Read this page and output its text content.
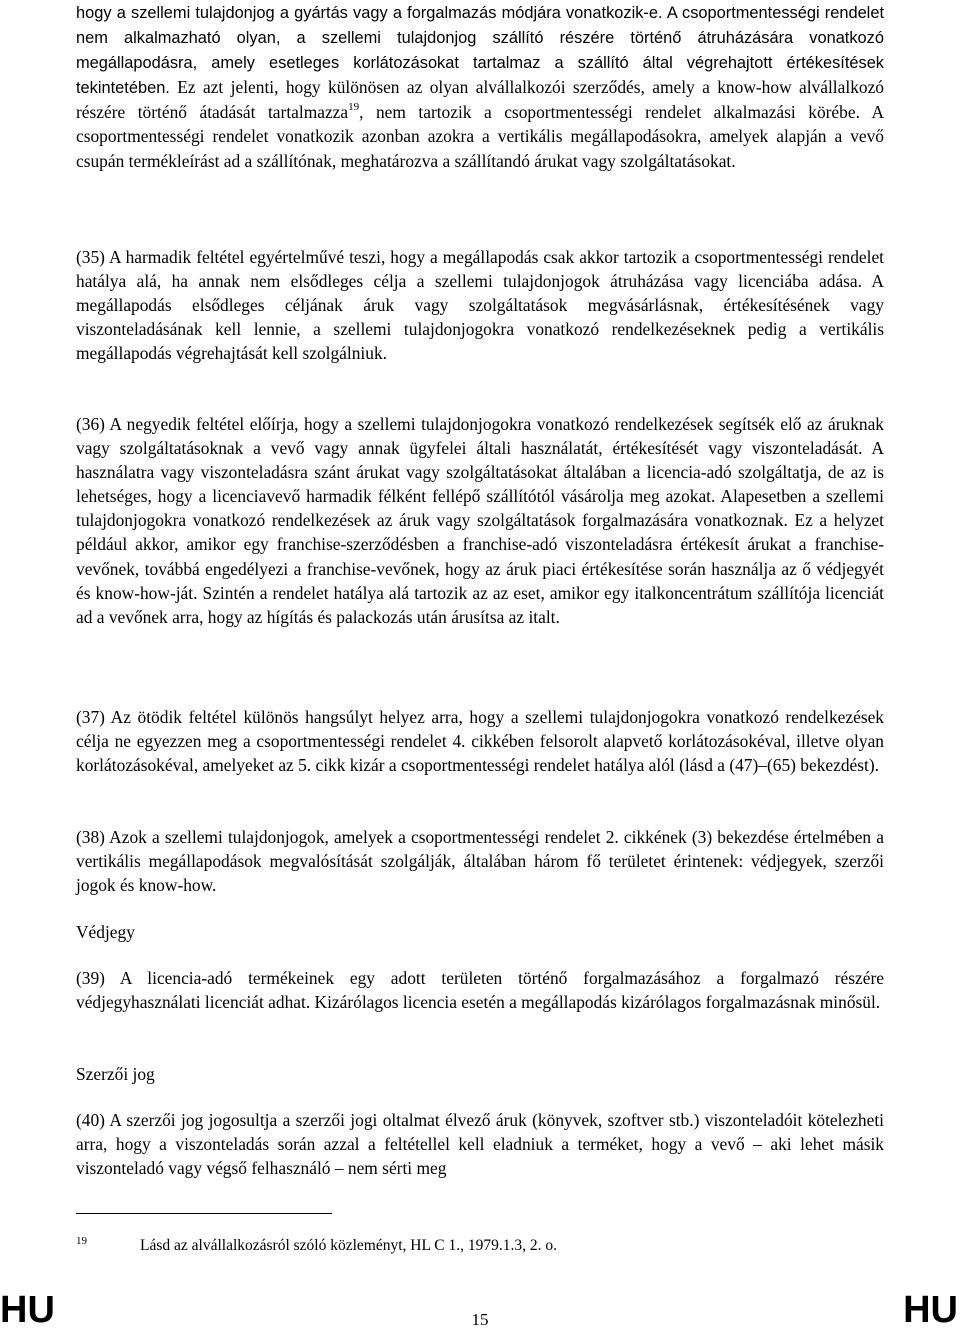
hogy a szellemi tulajdonjog a gyártás vagy a forgalmazás módjára vonatkozik-e. A csoportmentességi rendelet nem alkalmazható olyan, a szellemi tulajdonjog szállító részére történő átruházására vonatkozó megállapodásra, amely esetleges korlátozásokat tartalmaz a szállító által végrehajtott értékesítések tekintetében. Ez azt jelenti, hogy különösen az olyan alvállalkozói szerződés, amely a know-how alvállalkozó részére történő átadását tartalmazza$^{19}$, nem tartozik a csoportmentességi rendelet alkalmazási körébe. A csoportmentességi rendelet vonatkozik azonban azokra a vertikális megállapodásokra, amelyek alapján a vevő csupán termékleírást ad a szállítónak, meghatározva a szállítandó árukat vagy szolgáltatásokat.

(35) A harmadik feltétel egyértelművé teszi, hogy a megállapodás csak akkor tartozik a csoportmentességi rendelet hatálya alá, ha annak nem elsődleges célja a szellemi tulajdonjogok átruházása vagy licenciába adása. A megállapodás elsődleges céljának áruk vagy szolgáltatások megvásárlásnak, értékesítésének vagy viszonteladásának kell lennie, a szellemi tulajdonjogokra vonatkozó rendelkezéseknek pedig a vertikális megállapodás végrehajtását kell szolgálniuk.

(36) A negyedik feltétel előírja, hogy a szellemi tulajdonjogokra vonatkozó rendelkezések segítsék elő az áruknak vagy szolgáltatásoknak a vevő vagy annak ügyfelei általi használatát, értékesítését vagy viszonteladását. A használatra vagy viszonteladásra szánt árukat vagy szolgáltatásokat általában a licencia-adó szolgáltatja, de az is lehetséges, hogy a licenciavevő harmadik félként fellépő szállítótól vásárolja meg azokat. Alapesetben a szellemi tulajdonjogokra vonatkozó rendelkezések az áruk vagy szolgáltatások forgalmazására vonatkoznak. Ez a helyzet például akkor, amikor egy franchise-szerződésben a franchise-adó viszonteladásra értékesít árukat a franchise-vevőnek, továbbá engedélyezi a franchise-vevőnek, hogy az áruk piaci értékesítése során használja az ő védjegyét és know-how-ját. Szintén a rendelet hatálya alá tartozik az az eset, amikor egy italkoncentrátum szállítója licenciát ad a vevőnek arra, hogy az hígítás és palackozás után árusítsa az italt.

(37) Az ötödik feltétel különös hangsúlyt helyez arra, hogy a szellemi tulajdonjogokra vonatkozó rendelkezések célja ne egyezzen meg a csoportmentességi rendelet 4. cikkében felsorolt alapvető korlátozásokéval, illetve olyan korlátozásokéval, amelyeket az 5. cikk kizár a csoportmentességi rendelet hatálya alól (lásd a (47)–(65) bekezdést).

(38) Azok a szellemi tulajdonjogok, amelyek a csoportmentességi rendelet 2. cikkének (3) bekezdése értelmében a vertikális megállapodások megvalósítását szolgálják, általában három fő területet érintenek: védjegyek, szerzői jogok és know-how.

Védjegy

(39) A licencia-adó termékeinek egy adott területen történő forgalmazásához a forgalmazó részére védjegyhasználati licenciát adhat. Kizárólagos licencia esetén a megállapodás kizárólagos forgalmazásnak minősül.

Szerzői jog

(40) A szerzői jog jogosultja a szerzői jogi oltalmat élvező áruk (könyvek, szoftver stb.) viszonteladóit kötelezheti arra, hogy a viszonteladás során azzal a feltétellel kell eladniuk a terméket, hogy a vevő – aki lehet másik viszonteladó vagy végső felhasználó – nem sérti meg

19	Lásd az alvállalkozásról szóló közleményt, HL C 1., 1979.1.3, 2. o.
HU	15	HU
